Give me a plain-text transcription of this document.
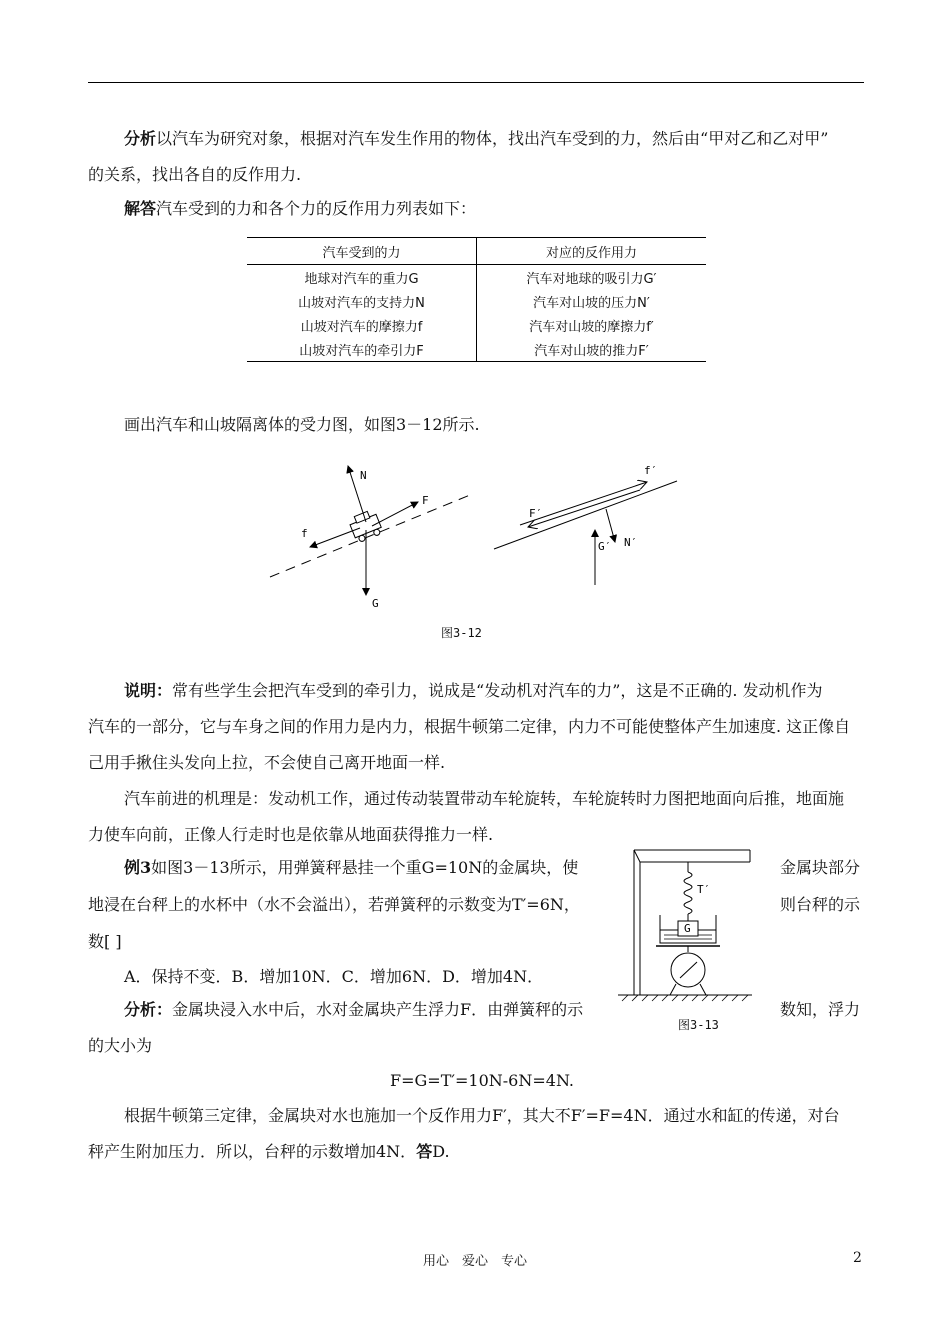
分析以汽车为研究对象，根据对汽车发生作用的物体，找出汽车受到的力，然后由“甲对乙和乙对甲”
的关系，找出各自的反作用力.
解答汽车受到的力和各个力的反作用力列表如下：
汽车受到的力	对应的反作用力
地球对汽车的重力G	汽车对地球的吸引力G′
山坡对汽车的支持力N	汽车对山坡的压力N′
山坡对汽车的摩擦力f	汽车对山坡的摩擦力f′
山坡对汽车的牵引力F	汽车对山坡的推力F′
画出汽车和山坡隔离体的受力图，如图3－12所示.
N
F
f
G
f′
F′
N′
G′
图3-12
说明：常有些学生会把汽车受到的牵引力，说成是“发动机对汽车的力”，这是不正确的. 发动机作为
汽车的一部分，它与车身之间的作用力是内力，根据牛顿第二定律，内力不可能使整体产生加速度. 这正像自
己用手揪住头发向上拉，不会使自己离开地面一样.
汽车前进的机理是：发动机工作，通过传动装置带动车轮旋转，车轮旋转时力图把地面向后推，地面施
力使车向前，正像人行走时也是依靠从地面获得推力一样.
例3如图3－13所示，用弹簧秤悬挂一个重G=10N的金属块，使	金属块部分
地浸在台秤上的水杯中（水不会溢出），若弹簧秤的示数变为T′=6N，	则台秤的示
数[ ]
A．保持不变．B．增加10N．C．增加6N．D．增加4N．
分析：金属块浸入水中后，水对金属块产生浮力F．由弹簧秤的示	数知，浮力
的大小为
F=G=T′=10N-6N=4N.
T′
G
图3-13
根据牛顿第三定律，金属块对水也施加一个反作用力F′，其大不F′=F=4N．通过水和缸的传递，对台
秤产生附加压力．所以，台秤的示数增加4N．答D.
用心　爱心　专心	2
